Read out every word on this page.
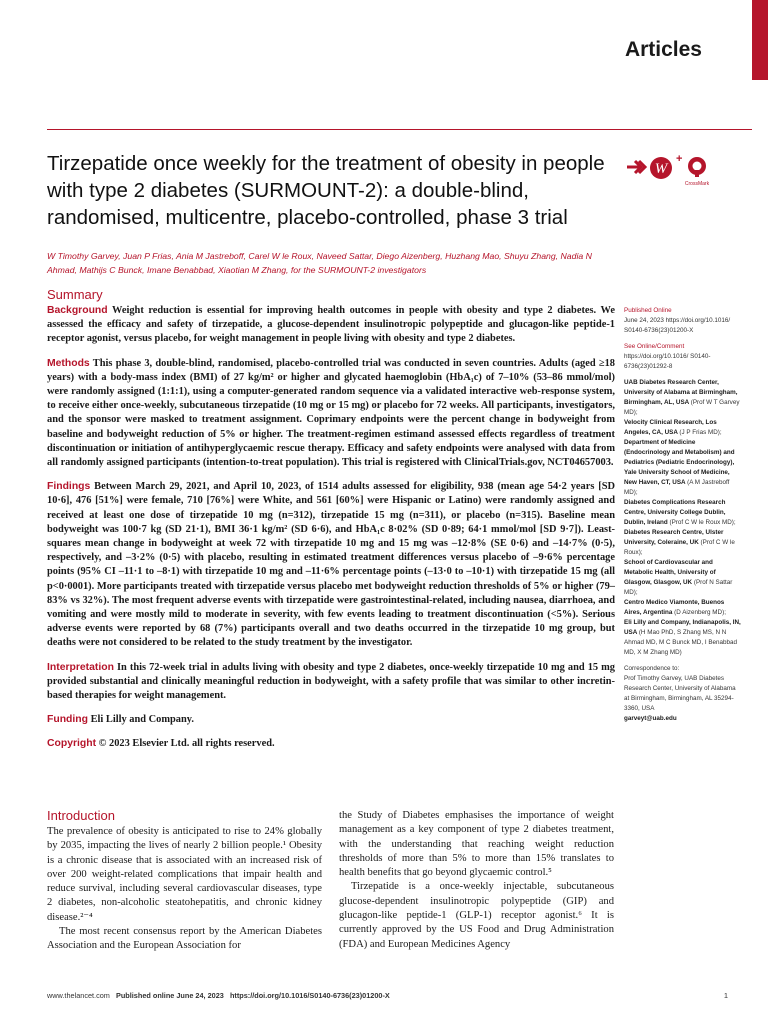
Articles
Tirzepatide once weekly for the treatment of obesity in people with type 2 diabetes (SURMOUNT-2): a double-blind, randomised, multicentre, placebo-controlled, phase 3 trial
W
+
CrossMark
W Timothy Garvey, Juan P Frias, Ania M Jastreboff, Carel W le Roux, Naveed Sattar, Diego Aizenberg, Huzhang Mao, Shuyu Zhang, Nadia N Ahmad, Mathijs C Bunck, Imane Benabbad, Xiaotian M Zhang, for the SURMOUNT-2 investigators
Summary

Background Weight reduction is essential for improving health outcomes in people with obesity and type 2 diabetes. We assessed the efficacy and safety of tirzepatide, a glucose-dependent insulinotropic polypeptide and glucagon-like peptide-1 receptor agonist, versus placebo, for weight management in people living with obesity and type 2 diabetes.

Methods This phase 3, double-blind, randomised, placebo-controlled trial was conducted in seven countries. Adults (aged ≥18 years) with a body-mass index (BMI) of 27 kg/m² or higher and glycated haemoglobin (HbA₁c) of 7–10% (53–86 mmol/mol) were randomly assigned (1:1:1), using a computer-generated random sequence via a validated interactive web-response system, to receive either once-weekly, subcutaneous tirzepatide (10 mg or 15 mg) or placebo for 72 weeks. All participants, investigators, and the sponsor were masked to treatment assignment. Coprimary endpoints were the percent change in bodyweight from baseline and bodyweight reduction of 5% or higher. The treatment-regimen estimand assessed effects regardless of treatment discontinuation or initiation of antihyperglycaemic rescue therapy. Efficacy and safety endpoints were analysed with data from all randomly assigned participants (intention-to-treat population). This trial is registered with ClinicalTrials.gov, NCT04657003.

Findings Between March 29, 2021, and April 10, 2023, of 1514 adults assessed for eligibility, 938 (mean age 54·2 years [SD 10·6], 476 [51%] were female, 710 [76%] were White, and 561 [60%] were Hispanic or Latino) were randomly assigned and received at least one dose of tirzepatide 10 mg (n=312), tirzepatide 15 mg (n=311), or placebo (n=315). Baseline mean bodyweight was 100·7 kg (SD 21·1), BMI 36·1 kg/m² (SD 6·6), and HbA₁c 8·02% (SD 0·89; 64·1 mmol/mol [SD 9·7]). Least-squares mean change in bodyweight at week 72 with tirzepatide 10 mg and 15 mg was –12·8% (SE 0·6) and –14·7% (0·5), respectively, and –3·2% (0·5) with placebo, resulting in estimated treatment differences versus placebo of –9·6% percentage points (95% CI –11·1 to –8·1) with tirzepatide 10 mg and –11·6% percentage points (–13·0 to –10·1) with tirzepatide 15 mg (all p<0·0001). More participants treated with tirzepatide versus placebo met bodyweight reduction thresholds of 5% or higher (79–83% vs 32%). The most frequent adverse events with tirzepatide were gastrointestinal-related, including nausea, diarrhoea, and vomiting and were mostly mild to moderate in severity, with few events leading to treatment discontinuation (<5%). Serious adverse events were reported by 68 (7%) participants overall and two deaths occurred in the tirzepatide 10 mg group, but deaths were not considered to be related to the study treatment by the investigator.

Interpretation In this 72-week trial in adults living with obesity and type 2 diabetes, once-weekly tirzepatide 10 mg and 15 mg provided substantial and clinically meaningful reduction in bodyweight, with a safety profile that was similar to other incretin-based therapies for weight management.

Funding Eli Lilly and Company.

Copyright © 2023 Elsevier Ltd. all rights reserved.

Published Online
June 24, 2023 https://doi.org/10.1016/ S0140-6736(23)01200-X
See Online/Comment
https://doi.org/10.1016/ S0140-6736(23)01292-8
UAB Diabetes Research Center, University of Alabama at Birmingham, Birmingham, AL, USA (Prof W T Garvey MD);
Velocity Clinical Research, Los Angeles, CA, USA (J P Frias MD);
Department of Medicine (Endocrinology and Metabolism) and Pediatrics (Pediatric Endocrinology), Yale University School of Medicine, New Haven, CT, USA (A M Jastreboff MD);
Diabetes Complications Research Centre, University College Dublin, Dublin, Ireland (Prof C W le Roux MD);
Diabetes Research Centre, Ulster University, Coleraine, UK (Prof C W le Roux);
School of Cardiovascular and Metabolic Health, University of Glasgow, Glasgow, UK (Prof N Sattar MD);
Centro Medico Viamonte, Buenos Aires, Argentina (D Aizenberg MD);
Eli Lilly and Company, Indianapolis, IN, USA (H Mao PhD, S Zhang MS, N N Ahmad MD, M C Bunck MD, I Benabbad MD, X M Zhang MD)
Correspondence to:
Prof Timothy Garvey, UAB Diabetes Research Center, University of Alabama at Birmingham, Birmingham, AL 35294-3360, USA
garveyt@uab.edu
Introduction

The prevalence of obesity is anticipated to rise to 24% globally by 2035, impacting the lives of nearly 2 billion people.¹ Obesity is a chronic disease that is associated with an increased risk of over 200 weight-related complications that impair health and reduce survival, including several cardiovascular diseases, type 2 diabetes, non-alcoholic steatohepatitis, and chronic kidney disease.²⁻⁴

The most recent consensus report by the American Diabetes Association and the European Association for

the Study of Diabetes emphasises the importance of weight management as a key component of type 2 diabetes treatment, with the understanding that reaching weight reduction thresholds of more than 5% to more than 15% translates to health benefits that go beyond glycaemic control.⁵

Tirzepatide is a once-weekly injectable, subcutaneous glucose-dependent insulinotropic polypeptide (GIP) and glucagon-like peptide-1 (GLP-1) receptor agonist.⁶ It is currently approved by the US Food and Drug Administration (FDA) and European Medicines Agency

www.thelancet.com Published online June 24, 2023 https://doi.org/10.1016/S0140-6736(23)01200-X	1
